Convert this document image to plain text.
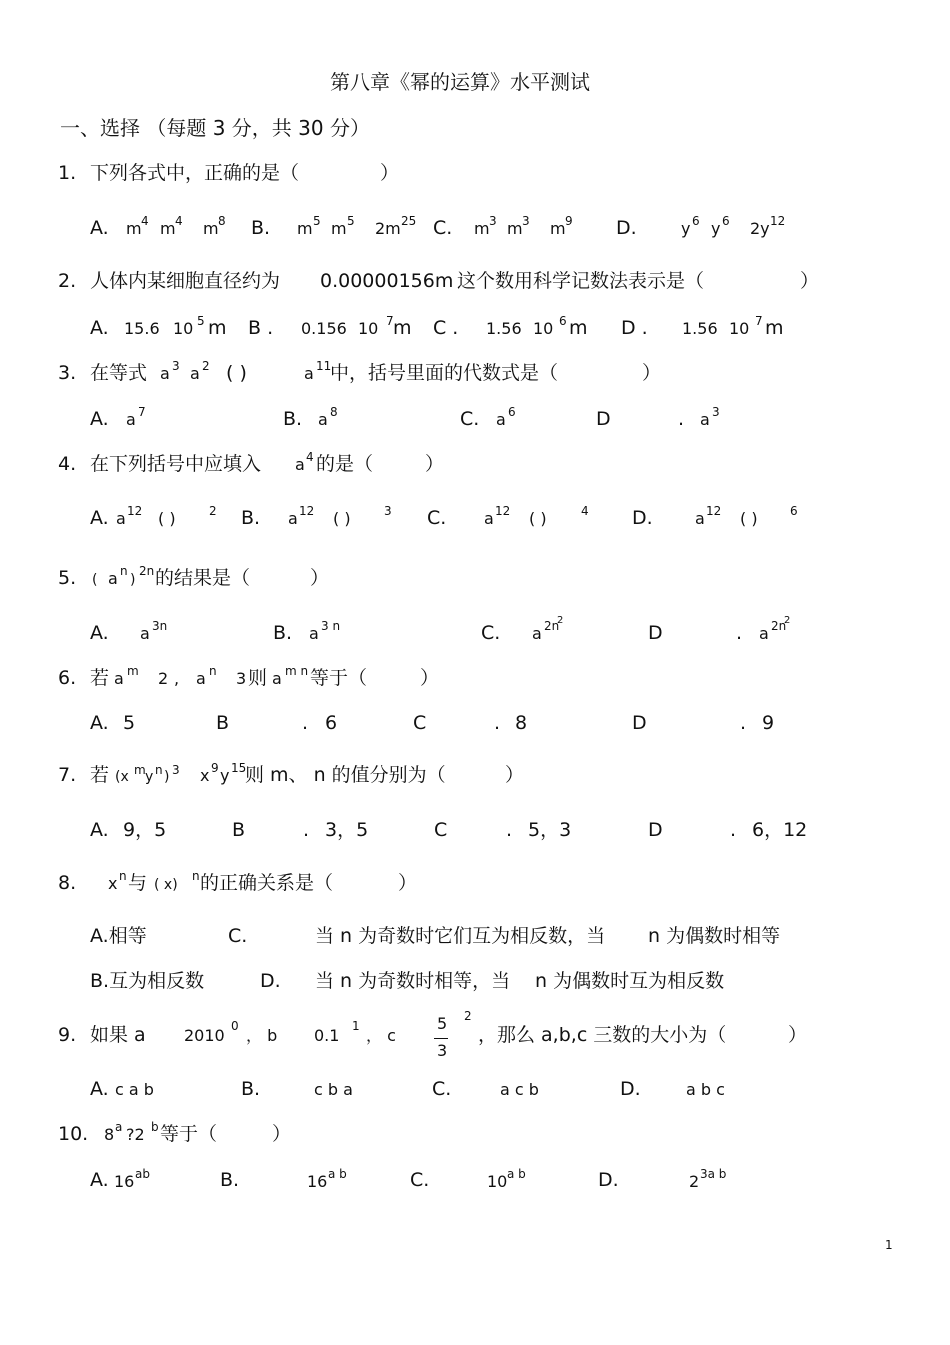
第八章《幂的运算》水平测试
一、选择 （每题 3 分，共 30 分）
1. 下列各式中，正确的是（	）
A. m 4 m 4 m 8 B. m 5 m 5 2m 25 C. m 3 m 3 m 9 D.	y 6 y 6 2y 12
2. 人体内某细胞直径约为 0.00000156m 这个数用科学记数法表示是（	）
A. 15.6 10 5 m B . 0.156 10 7 m C . 1.56 10 6 m D . 1.56 10 7 m
3. 在等式 a 3 a 2 ( )	a 11
中，括号里面的代数式是（	）
A. a 7	B. a 8	C. a 6	D	. a 3
4. 在下列括号中应填入 a 4 的是（	）
A. a 12 ( )	2 B. a 12 ( )	3 C. a 12 ( )	4 D.	a 12 ( )	6
5. ( a n
)
2n 的结果是（	）
A. a 3n	B. a 3 n	C. a 2n
2
D	. a 2n
2
6. 若 a m 2 , a n 3 则 a m n 等于（	）
A. 5	B	. 6	C	. 8	D	. 9
7. 若 (x m y n ) 3 x 9 y 15
则 m、 n 的值分别为（	）
A. 9，5	B	. 3，5	C	. 5，3	D	. 6，12
8. x n 与 ( x)
n 的正确关系是（	）
A.相等	C.	当 n 为奇数时它们互为相反数，当 n 为偶数时相等
B.互为相反数	D. 当 n 为奇数时相等，当 n 为偶数时互为相反数
9. 如果 a 2010 0 ， b 0.1 1 ， c
5
3
2
，那么 a,b,c 三数的大小为（	）
A. c a b	B.	c b a	C.	a c b	D.	a b c
10. 8 a ?2 b 等于（	）
A. 16 ab	B.	16 a b	C.	10 a b	D.	2 3a b
1
